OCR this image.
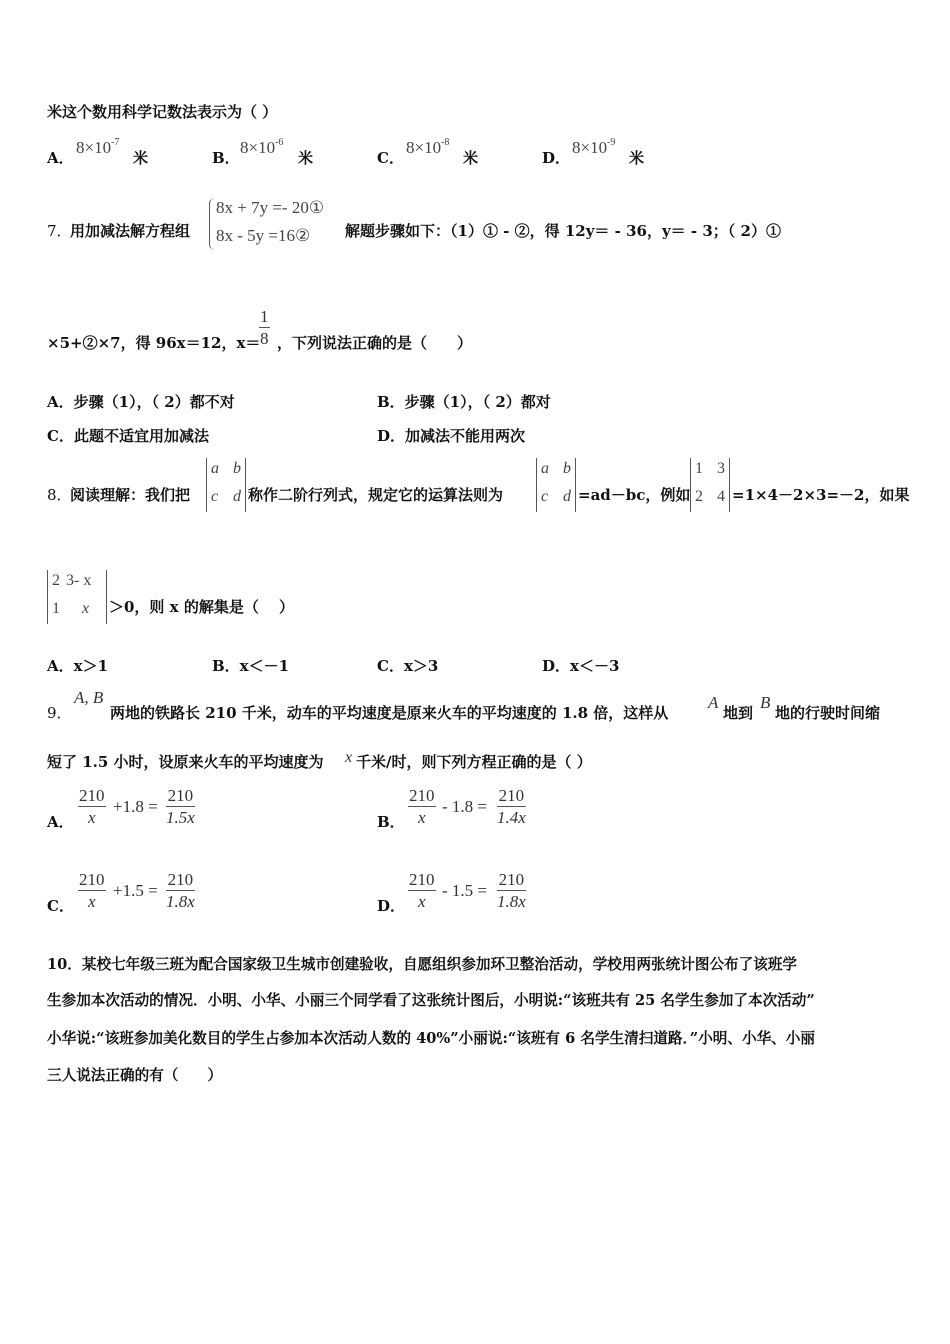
米这个数用科学记数法表示为（ ）
A．
$8\times 10^{-7}$
米	B．
$8\times 10^{-6}$
米	C．
$8\times 10^{-8}$
米	D．
$8\times 10^{-9}$
米
7．
用加减法解方程组
8x + 7y =- 20①
8x - 5y =16② 解题步骤如下：（1）① - ②，得 12y＝ - 36，y＝ - 3；（ 2）①
×5+②×7，得 96x＝12，x＝
$\frac{1}{8}$ ，下列说法正确的是（　　）
A．步骤（1），（ 2）都不对	B．步骤（1），（ 2）都对
C．此题不适宜用加减法	D．加减法不能用两次
8．
阅读理解：我们把
a b
c d 称作二阶行列式，规定它的运算法则为
a b
c d =ad－bc，例如
1 3
2 4 =1×4－2×3=－2，如果
2 3- x
1 x ＞0，则 x 的解集是（　 ）
A．x＞1	B．x＜－1	C．x＞3	D．x＜－3
9．
A, B
两地的铁路长 210 千米，动车的平均速度是原来火车的平均速度的 1.8 倍，这样从
A
地到
B
地的行驶时间缩
短了 1.5 小时，设原来火车的平均速度为 x 千米/时，则下列方程正确的是（ ）
A． $\frac{210}{x} +1.8 = \frac{210}{1.5x}$	B． $\frac{210}{x} - 1.8 = \frac{210}{1.4x}$
C． $\frac{210}{x} +1.5 = \frac{210}{1.8x}$	D． $\frac{210}{x} - 1.5 = \frac{210}{1.8x}$
10．某校七年级三班为配合国家级卫生城市创建验收，自愿组织参加环卫整治活动，学校用两张统计图公布了该班学
生参加本次活动的情况．小明、小华、小丽三个同学看了这张统计图后，小明说:“该班共有 25 名学生参加了本次活动”
小华说:“该班参加美化数目的学生占参加本次活动人数的 40%”小丽说:“该班有 6 名学生清扫道路．”小明、小华、小丽
三人说法正确的有（　　）
